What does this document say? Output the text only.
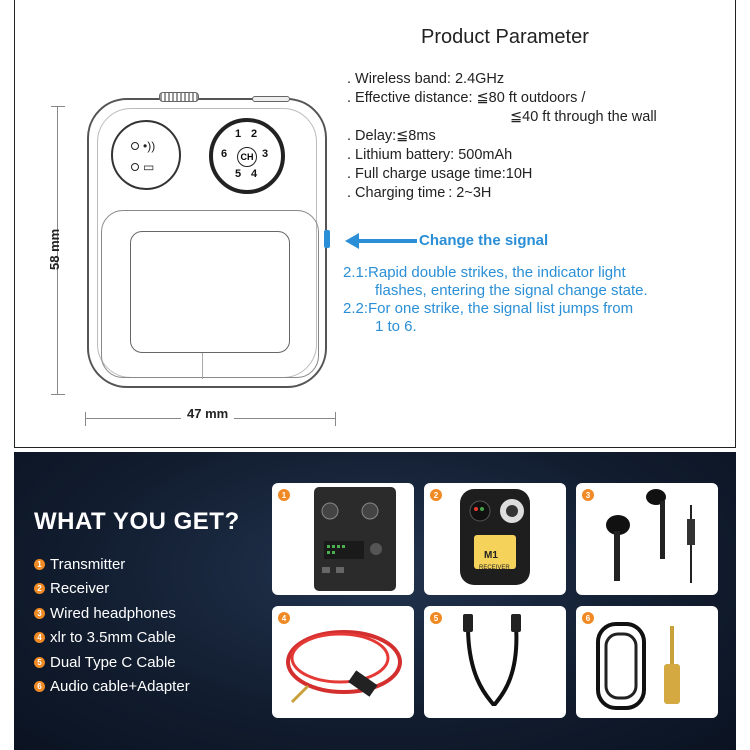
58 mm
47 mm
•))
▭
1 2
3
4
5
6	CH
Product Parameter
. Wireless band: 2.4GHz
. Effective distance: ≦80 ft outdoors /
≦40 ft through the wall
. Delay:≦8ms
. Lithium battery: 500mAh
. Full charge usage time:10H
. Charging time : 2~3H
Change the signal

2.1:Rapid double strikes, the indicator light

flashes, entering the signal change state.

2.2:For one strike, the signal list jumps from

1 to 6.

WHAT YOU GET?
1 Transmitter
2 Receiver
3 Wired headphones
4 xlr to 3.5mm Cable
5 Dual Type C Cable
6 Audio cable+Adapter
1	2
M1
RECEIVER
3
4	5	6
